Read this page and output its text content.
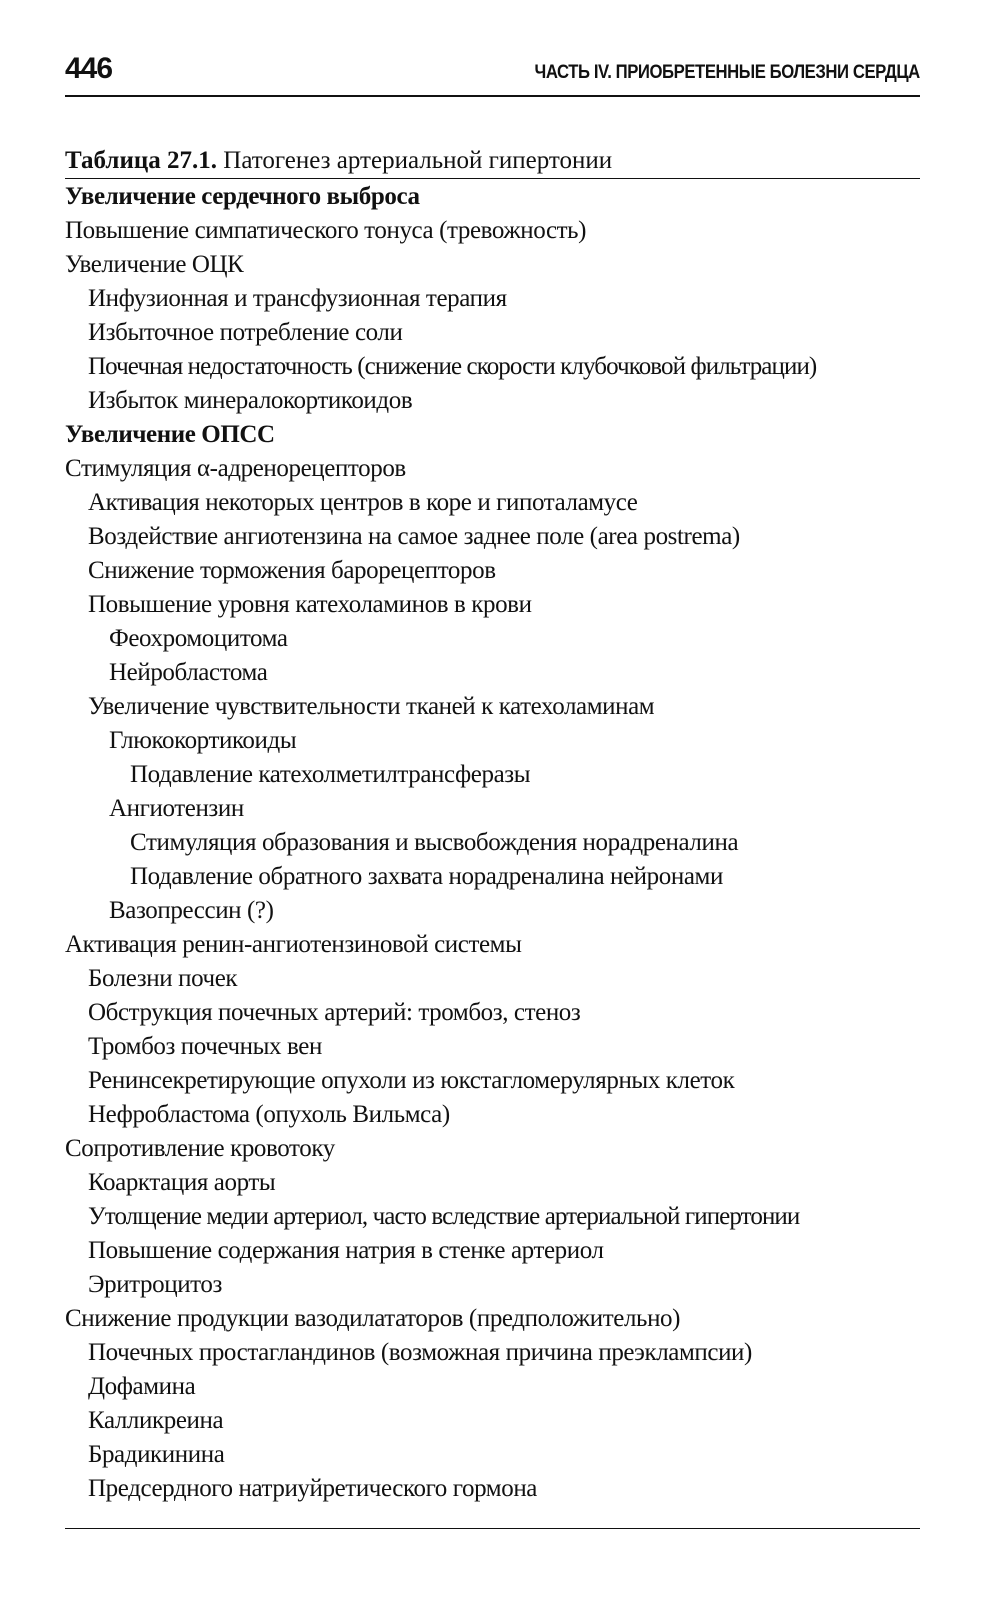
446	ЧАСТЬ IV. ПРИОБРЕТЕННЫЕ БОЛЕЗНИ СЕРДЦА
Таблица 27.1. Патогенез артериальной гипертонии
Увеличение сердечного выброса
Повышение симпатического тонуса (тревожность)
Увеличение ОЦК
Инфузионная и трансфузионная терапия
Избыточное потребление соли
Почечная недостаточность (снижение скорости клубочковой фильтрации)
Избыток минералокортикоидов
Увеличение ОПСС
Стимуляция α-адренорецепторов
Активация некоторых центров в коре и гипоталамусе
Воздействие ангиотензина на самое заднее поле (area postrema)
Снижение торможения барорецепторов
Повышение уровня катехоламинов в крови
Феохромоцитома
Нейробластома
Увеличение чувствительности тканей к катехоламинам
Глюкокортикоиды
Подавление катехолметилтрансферазы
Ангиотензин
Стимуляция образования и высвобождения норадреналина
Подавление обратного захвата норадреналина нейронами
Вазопрессин (?)
Активация ренин-ангиотензиновой системы
Болезни почек
Обструкция почечных артерий: тромбоз, стеноз
Тромбоз почечных вен
Ренинсекретирующие опухоли из юкстагломерулярных клеток
Нефробластома (опухоль Вильмса)
Сопротивление кровотоку
Коарктация аорты
Утолщение медии артериол, часто вследствие артериальной гипертонии
Повышение содержания натрия в стенке артериол
Эритроцитоз
Снижение продукции вазодилататоров (предположительно)
Почечных простагландинов (возможная причина преэклампсии)
Дофамина
Калликреина
Брадикинина
Предсердного натриуйретического гормона
